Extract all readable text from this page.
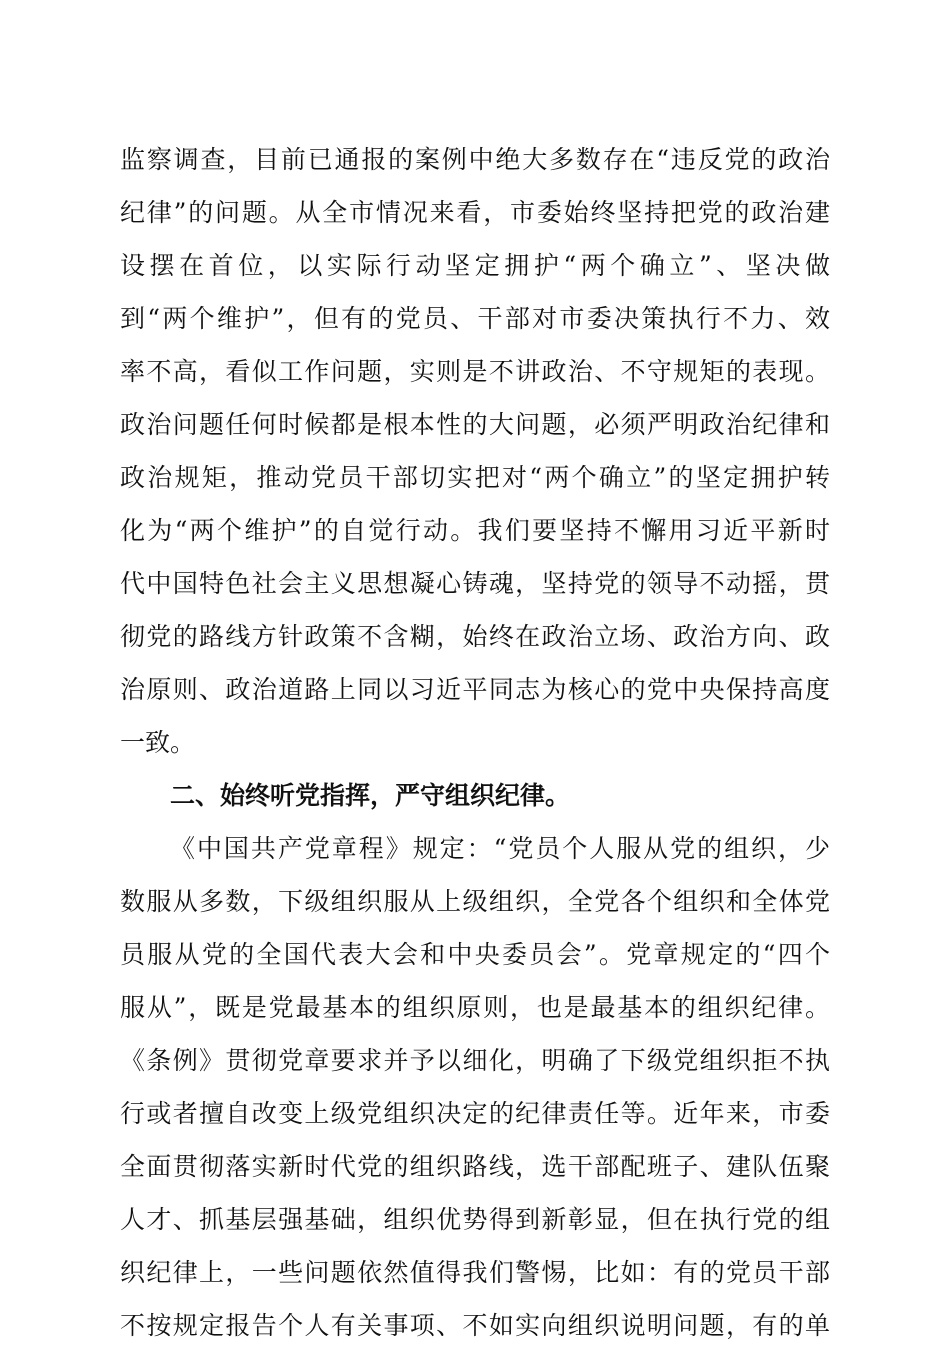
监察调查，目前已通报的案例中绝大多数存在“违反党的政治
纪律”的问题。从全市情况来看，市委始终坚持把党的政治建
设摆在首位，以实际行动坚定拥护“两个确立”、坚决做
到“两个维护”，但有的党员、干部对市委决策执行不力、效
率不高，看似工作问题，实则是不讲政治、不守规矩的表现。
政治问题任何时候都是根本性的大问题，必须严明政治纪律和
政治规矩，推动党员干部切实把对“两个确立”的坚定拥护转
化为“两个维护”的自觉行动。我们要坚持不懈用习近平新时
代中国特色社会主义思想凝心铸魂，坚持党的领导不动摇，贯
彻党的路线方针政策不含糊，始终在政治立场、政治方向、政
治原则、政治道路上同以习近平同志为核心的党中央保持高度
一致。
二、始终听党指挥，严守组织纪律。
《中国共产党章程》规定：“党员个人服从党的组织，少
数服从多数，下级组织服从上级组织，全党各个组织和全体党
员服从党的全国代表大会和中央委员会”。党章规定的“四个
服从”，既是党最基本的组织原则，也是最基本的组织纪律。
《条例》贯彻党章要求并予以细化，明确了下级党组织拒不执
行或者擅自改变上级党组织决定的纪律责任等。近年来，市委
全面贯彻落实新时代党的组织路线，选干部配班子、建队伍聚
人才、抓基层强基础，组织优势得到新彰显，但在执行党的组
织纪律上，一些问题依然值得我们警惕，比如：有的党员干部
不按规定报告个人有关事项、不如实向组织说明问题，有的单
